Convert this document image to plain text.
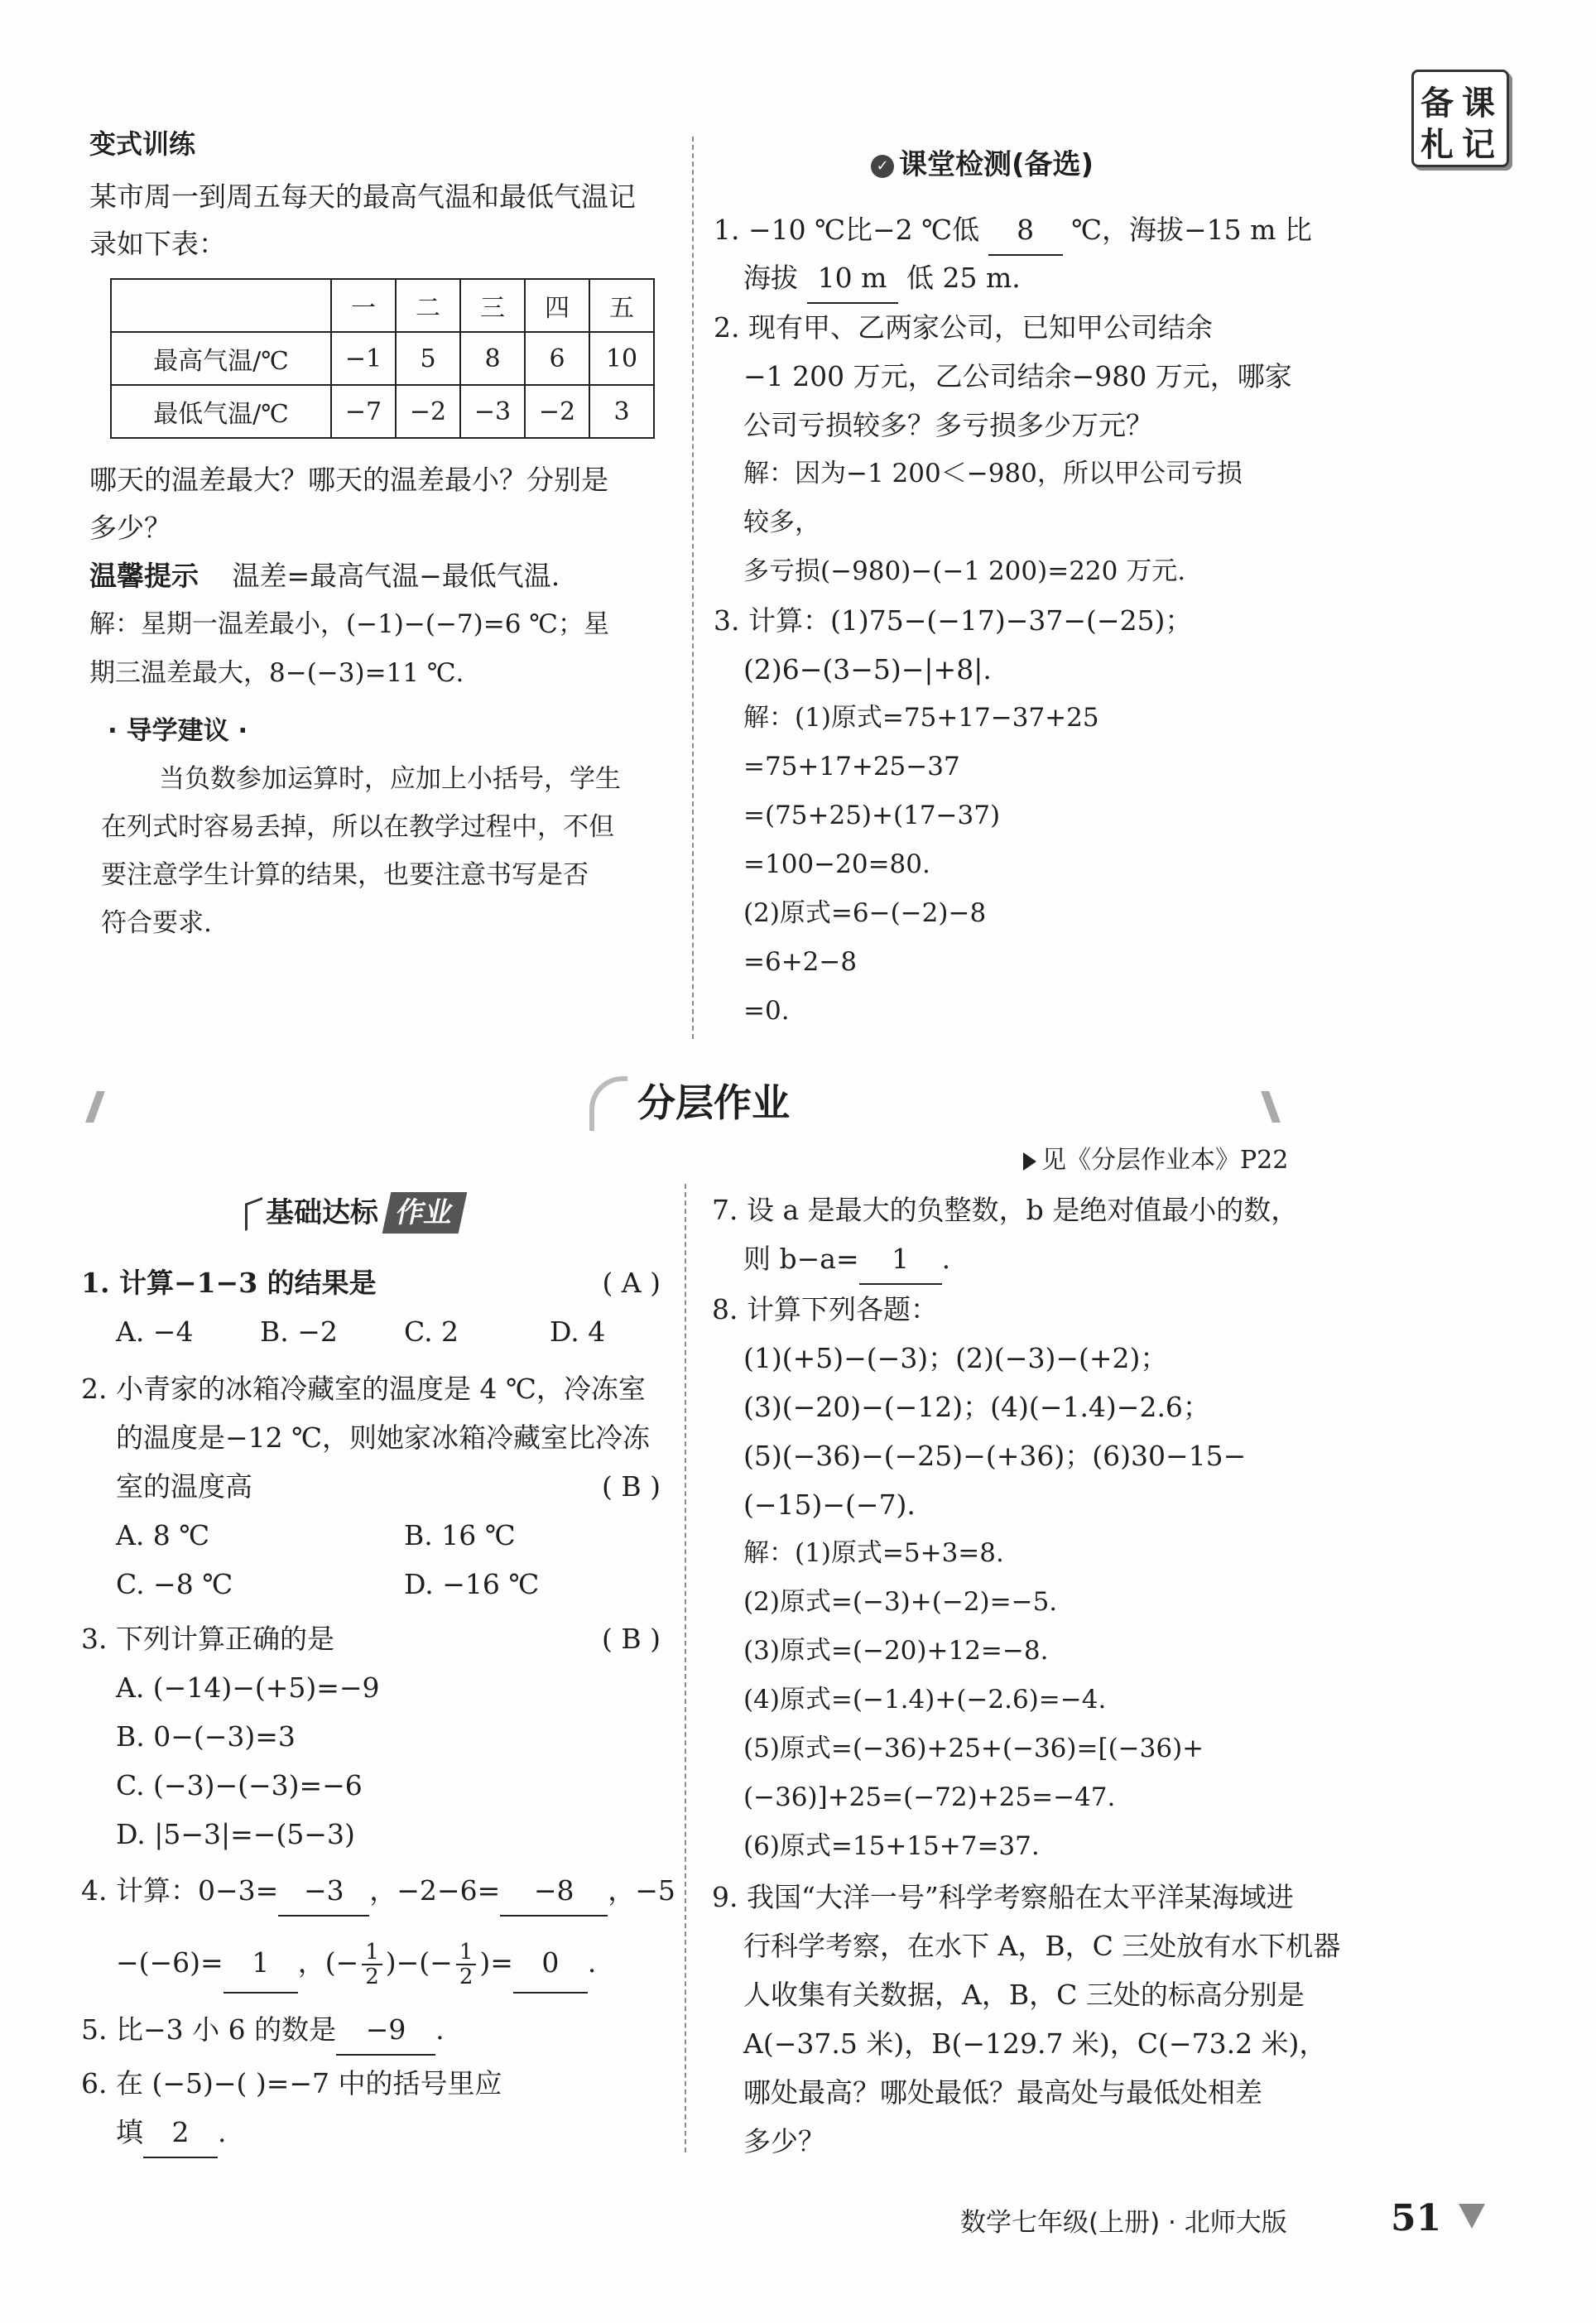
备 课
札 记
变式训练
某市周一到周五每天的最高气温和最低气温记
录如下表：
	一	二	三	四	五
最高气温/℃	−1	5	8	6	10
最低气温/℃	−7	−2	−3	−2	3
哪天的温差最大？哪天的温差最小？分别是
多少？
温馨提示 温差=最高气温−最低气温.
解：星期一温差最小，(−1)−(−7)=6 ℃；星
期三温差最大，8−(−3)=11 ℃.
· 导学建议 ·
当负数参加运算时，应加上小括号，学生
在列式时容易丢掉，所以在教学过程中，不但
要注意学生计算的结果，也要注意书写是否
符合要求.
✓ 课堂检测(备选)
1. −10 ℃比−2 ℃低 8 ℃，海拔−15 m 比
海拔 10 m 低 25 m.
2. 现有甲、乙两家公司，已知甲公司结余
−1 200 万元，乙公司结余−980 万元，哪家
公司亏损较多？多亏损多少万元？
解：因为−1 200＜−980，所以甲公司亏损
较多，
多亏损(−980)−(−1 200)=220 万元.
3. 计算：(1)75−(−17)−37−(−25)；
(2)6−(3−5)−|+8|.
解：(1)原式=75+17−37+25
=75+17+25−37
=(75+25)+(17−37)
=100−20=80.
(2)原式=6−(−2)−8
=6+2−8
=0.
分层作业
见《分层作业本》P22
基础达标 作业
1. 计算−1−3 的结果是	( A )
A. −4 B. −2 C. 2	D. 4
2. 小青家的冰箱冷藏室的温度是 4 ℃，冷冻室
的温度是−12 ℃，则她家冰箱冷藏室比冷冻
室的温度高	( B )
A. 8 ℃	B. 16 ℃
C. −8 ℃	D. −16 ℃
3. 下列计算正确的是	( B )
A. (−14)−(+5)=−9
B. 0−(−3)=3
C. (−3)−(−3)=−6
D. |5−3|=−(5−3)
4. 计算：0−3= −3 ，−2−6= −8 ，−5
−(−6)= 1 ，(− $\frac{1}{2}$ )−(− $\frac{1}{2}$ )= 0 .
5. 比−3 小 6 的数是 −9 .
6. 在 (−5)−( )=−7 中的括号里应
填 2 .
7. 设 a 是最大的负整数，b 是绝对值最小的数，
则 b−a= 1 .
8. 计算下列各题：
(1)(+5)−(−3)；(2)(−3)−(+2)；
(3)(−20)−(−12)；(4)(−1.4)−2.6；
(5)(−36)−(−25)−(+36)；(6)30−15−
(−15)−(−7).
解：(1)原式=5+3=8.
(2)原式=(−3)+(−2)=−5.
(3)原式=(−20)+12=−8.
(4)原式=(−1.4)+(−2.6)=−4.
(5)原式=(−36)+25+(−36)=[(−36)+
(−36)]+25=(−72)+25=−47.
(6)原式=15+15+7=37.
9. 我国“大洋一号”科学考察船在太平洋某海域进
行科学考察，在水下 A，B，C 三处放有水下机器
人收集有关数据，A，B，C 三处的标高分别是
A(−37.5 米)，B(−129.7 米)，C(−73.2 米)，
哪处最高？哪处最低？最高处与最低处相差
多少？
数学七年级(上册) · 北师大版	51
